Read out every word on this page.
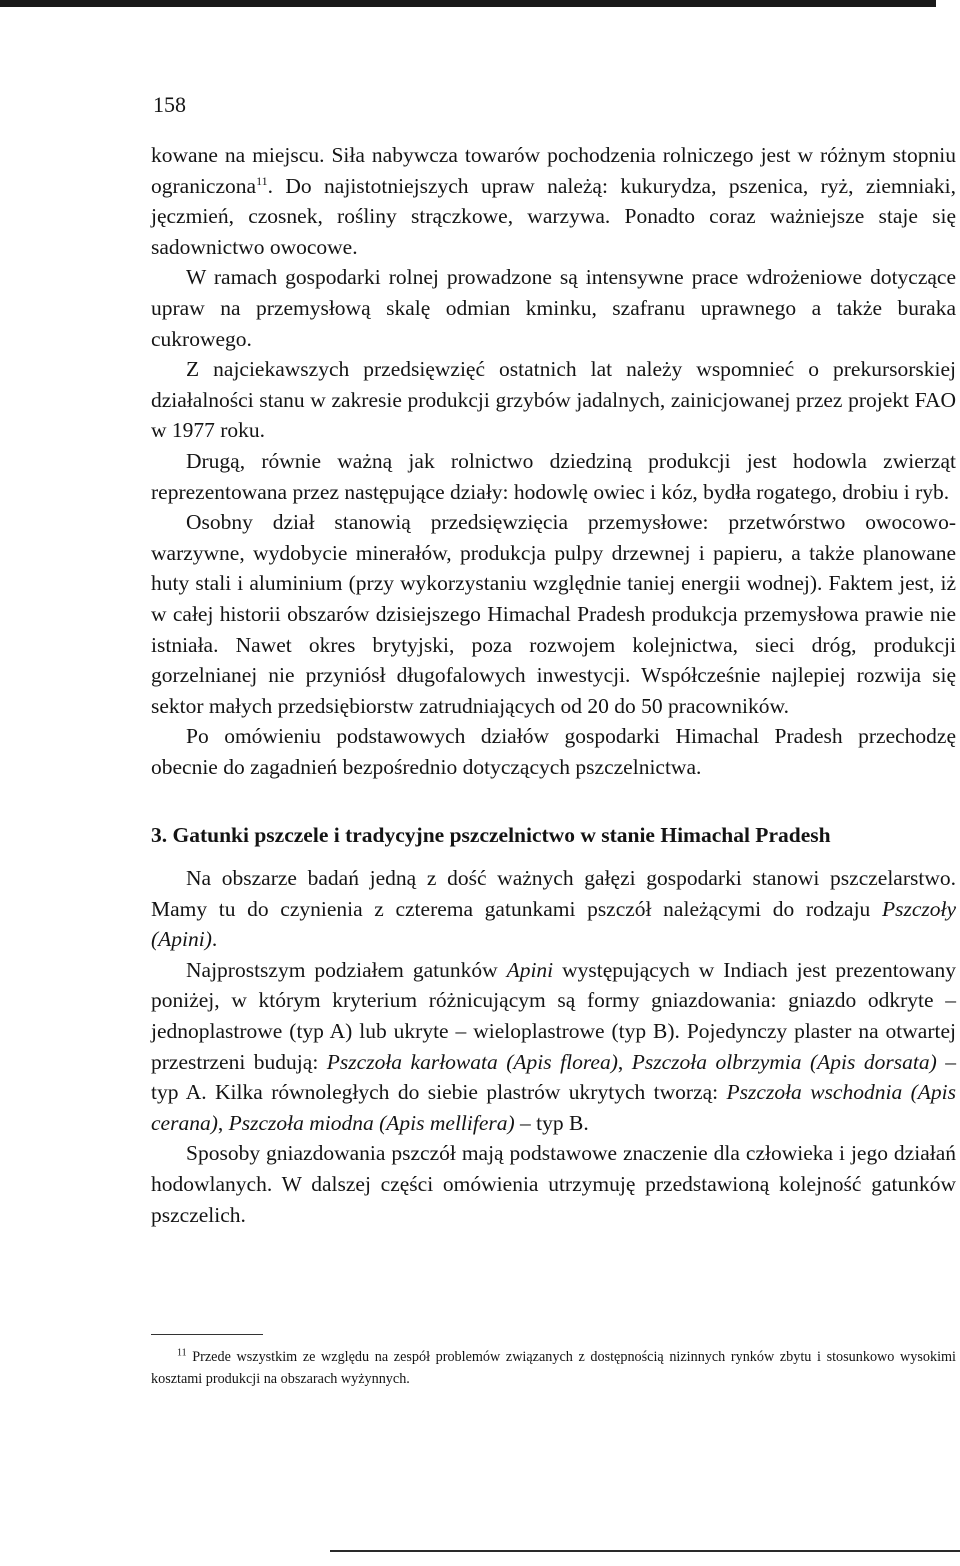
158

kowane na miejscu. Siła nabywcza towarów pochodzenia rolniczego jest w różnym stopniu ograniczona$^{11}$. Do najistotniejszych upraw należą: kukurydza, pszenica, ryż, ziemniaki, jęczmień, czosnek, rośliny strączkowe, warzywa. Ponadto coraz ważniejsze staje się sadownictwo owocowe.

W ramach gospodarki rolnej prowadzone są intensywne prace wdrożeniowe dotyczące upraw na przemysłową skalę odmian kminku, szafranu uprawnego a także buraka cukrowego.

Z najciekawszych przedsięwzięć ostatnich lat należy wspomnieć o prekursorskiej działalności stanu w zakresie produkcji grzybów jadalnych, zainicjowanej przez projekt FAO w 1977 roku.

Drugą, równie ważną jak rolnictwo dziedziną produkcji jest hodowla zwierząt reprezentowana przez następujące działy: hodowlę owiec i kóz, bydła rogatego, drobiu i ryb.

Osobny dział stanowią przedsięwzięcia przemysłowe: przetwórstwo owocowo-warzywne, wydobycie minerałów, produkcja pulpy drzewnej i papieru, a także planowane huty stali i aluminium (przy wykorzystaniu względnie taniej energii wodnej). Faktem jest, iż w całej historii obszarów dzisiejszego Himachal Pradesh produkcja przemysłowa prawie nie istniała. Nawet okres brytyjski, poza rozwojem kolejnictwa, sieci dróg, produkcji gorzelnianej nie przyniósł długofalowych inwestycji. Współcześnie najlepiej rozwija się sektor małych przedsiębiorstw zatrudniających od 20 do 50 pracowników.

Po omówieniu podstawowych działów gospodarki Himachal Pradesh przechodzę obecnie do zagadnień bezpośrednio dotyczących pszczelnictwa.

3. Gatunki pszczele i tradycyjne pszczelnictwo w stanie Himachal Pradesh

Na obszarze badań jedną z dość ważnych gałęzi gospodarki stanowi pszczelarstwo. Mamy tu do czynienia z czterema gatunkami pszczół należącymi do rodzaju Pszczoły (Apini).

Najprostszym podziałem gatunków Apini występujących w Indiach jest prezentowany poniżej, w którym kryterium różnicującym są formy gniazdowania: gniazdo odkryte – jednoplastrowe (typ A) lub ukryte – wieloplastrowe (typ B). Pojedynczy plaster na otwartej przestrzeni budują: Pszczoła karłowata (Apis florea), Pszczoła olbrzymia (Apis dorsata) – typ A. Kilka równoległych do siebie plastrów ukrytych tworzą: Pszczoła wschodnia (Apis cerana), Pszczoła miodna (Apis mellifera) – typ B.

Sposoby gniazdowania pszczół mają podstawowe znaczenie dla człowieka i jego działań hodowlanych. W dalszej części omówienia utrzymuję przedstawioną kolejność gatunków pszczelich.

$^{11}$ Przede wszystkim ze względu na zespół problemów związanych z dostępnością nizinnych rynków zbytu i stosunkowo wysokimi kosztami produkcji na obszarach wyżynnych.
